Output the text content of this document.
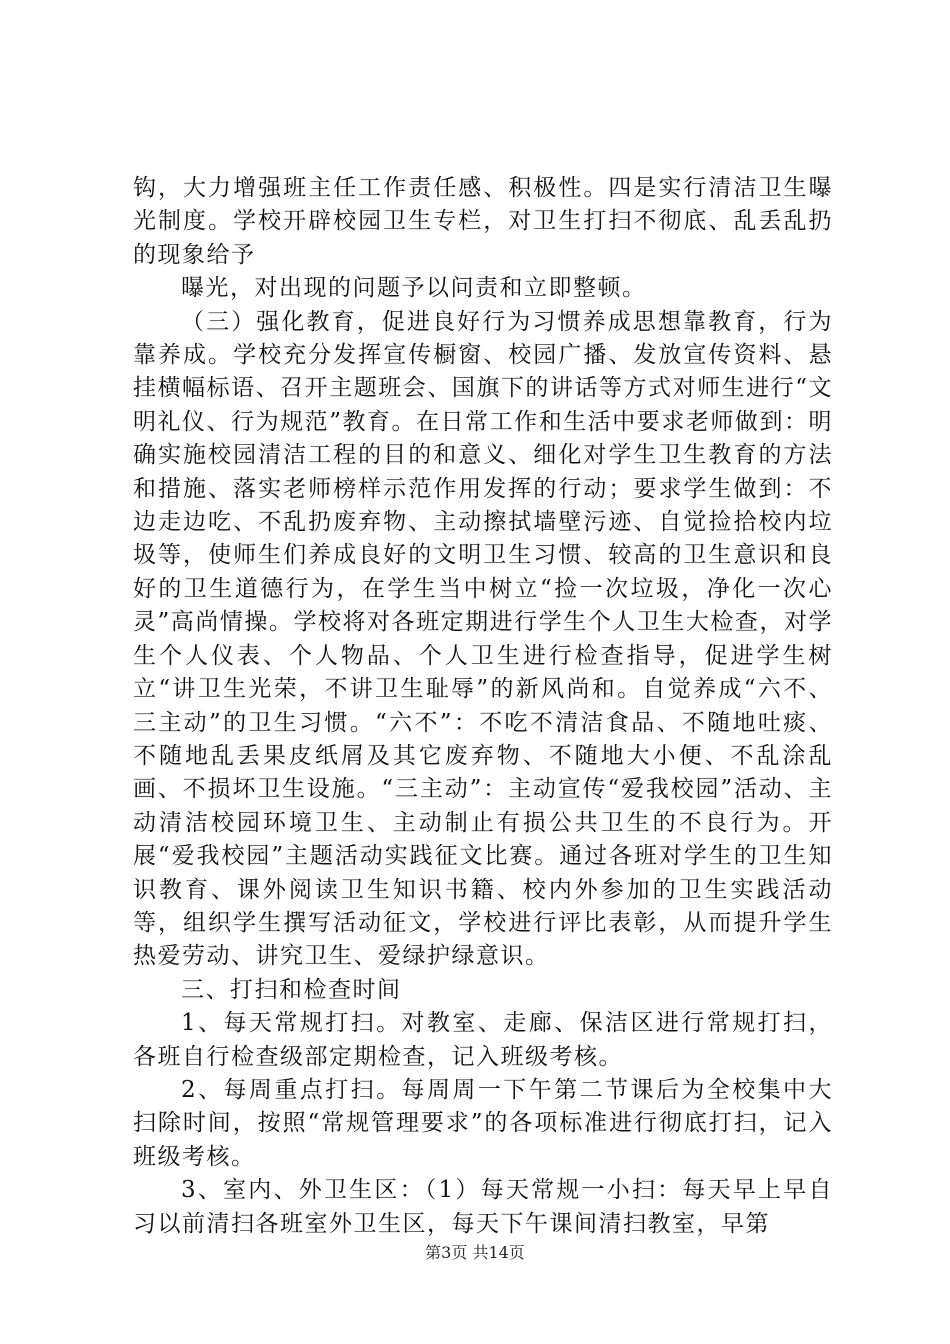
钩，大力增强班主任工作责任感、积极性。四是实行清洁卫生曝光制度。学校开辟校园卫生专栏，对卫生打扫不彻底、乱丢乱扔的现象给予

曝光，对出现的问题予以问责和立即整顿。

（三）强化教育，促进良好行为习惯养成思想靠教育，行为靠养成。学校充分发挥宣传橱窗、校园广播、发放宣传资料、悬挂横幅标语、召开主题班会、国旗下的讲话等方式对师生进行“文明礼仪、行为规范”教育。在日常工作和生活中要求老师做到：明确实施校园清洁工程的目的和意义、细化对学生卫生教育的方法和措施、落实老师榜样示范作用发挥的行动；要求学生做到：不边走边吃、不乱扔废弃物、主动擦拭墙壁污迹、自觉捡拾校内垃圾等，使师生们养成良好的文明卫生习惯、较高的卫生意识和良好的卫生道德行为，在学生当中树立“捡一次垃圾，净化一次心灵”高尚情操。学校将对各班定期进行学生个人卫生大检查，对学生个人仪表、个人物品、个人卫生进行检查指导，促进学生树立“讲卫生光荣，不讲卫生耻辱”的新风尚和。自觉养成“六不、三主动”的卫生习惯。“六不”：不吃不清洁食品、不随地吐痰、不随地乱丢果皮纸屑及其它废弃物、不随地大小便、不乱涂乱画、不损坏卫生设施。“三主动”：主动宣传“爱我校园”活动、主动清洁校园环境卫生、主动制止有损公共卫生的不良行为。开展“爱我校园”主题活动实践征文比赛。通过各班对学生的卫生知识教育、课外阅读卫生知识书籍、校内外参加的卫生实践活动等，组织学生撰写活动征文，学校进行评比表彰，从而提升学生热爱劳动、讲究卫生、爱绿护绿意识。

三、打扫和检查时间

1、每天常规打扫。对教室、走廊、保洁区进行常规打扫，各班自行检查级部定期检查，记入班级考核。

2、每周重点打扫。每周周一下午第二节课后为全校集中大扫除时间，按照“常规管理要求”的各项标准进行彻底打扫，记入班级考核。

3、室内、外卫生区：（1）每天常规一小扫：每天早上早自习以前清扫各班室外卫生区，每天下午课间清扫教室，早第

第3页 共14页
